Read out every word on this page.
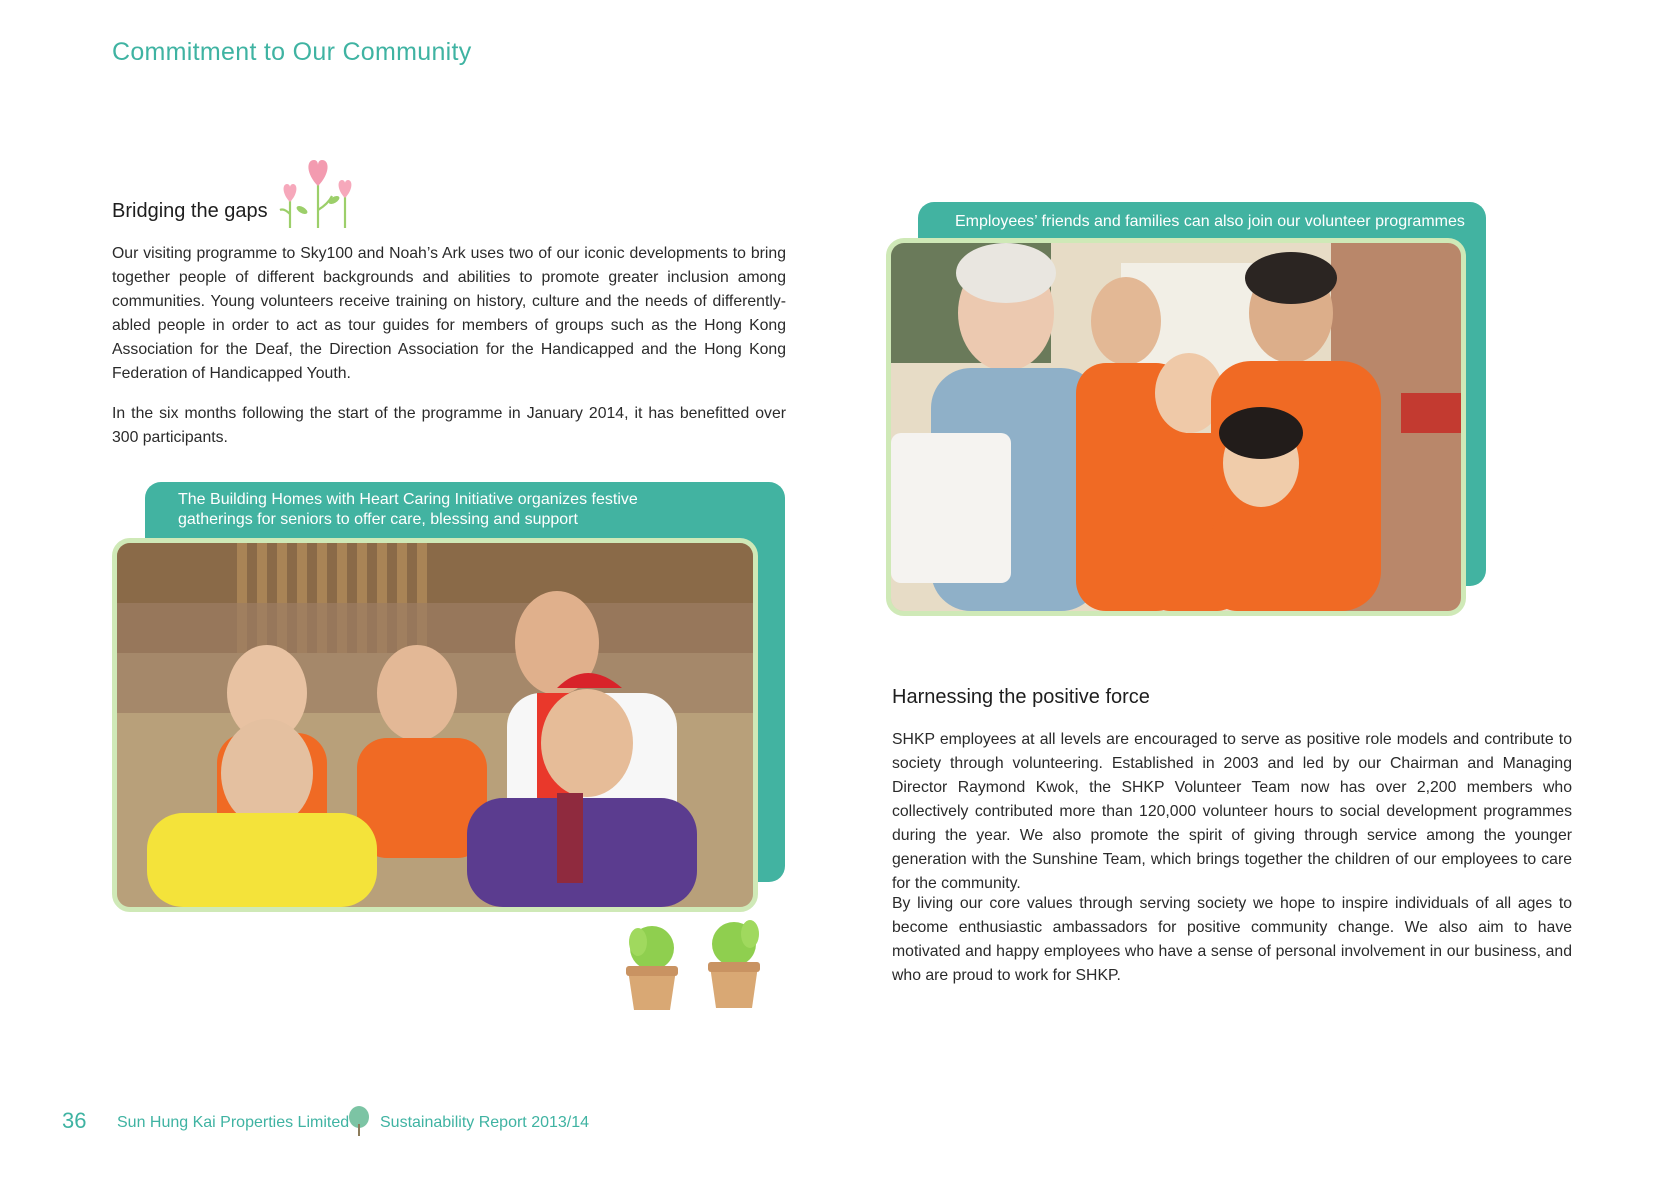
Commitment to Our Community
Bridging the gaps
Our visiting programme to Sky100 and Noah’s Ark uses two of our iconic developments to bring together people of different backgrounds and abilities to promote greater inclusion among communities. Young volunteers receive training on history, culture and the needs of differently-abled people in order to act as tour guides for members of groups such as the Hong Kong Association for the Deaf, the Direction Association for the Handicapped and the Hong Kong Federation of Handicapped Youth.
In the six months following the start of the programme in January 2014, it has benefitted over 300 participants.
The Building Homes with Heart Caring Initiative organizes festive
gatherings for seniors to offer care, blessing and support
Employees’ friends and families can also join our volunteer programmes
Harnessing the positive force
SHKP employees at all levels are encouraged to serve as positive role models and contribute to society through volunteering. Established in 2003 and led by our Chairman and Managing Director Raymond Kwok, the SHKP Volunteer Team now has over 2,200 members who collectively contributed more than 120,000 volunteer hours to social development programmes during the year. We also promote the spirit of giving through service among the younger generation with the Sunshine Team, which brings together the children of our employees to care for the community.
By living our core values through serving society we hope to inspire individuals of all ages to become enthusiastic ambassadors for positive community change. We also aim to have motivated and happy employees who have a sense of personal involvement in our business, and who are proud to work for SHKP.
36 Sun Hung Kai Properties Limited Sustainability Report 2013/14
